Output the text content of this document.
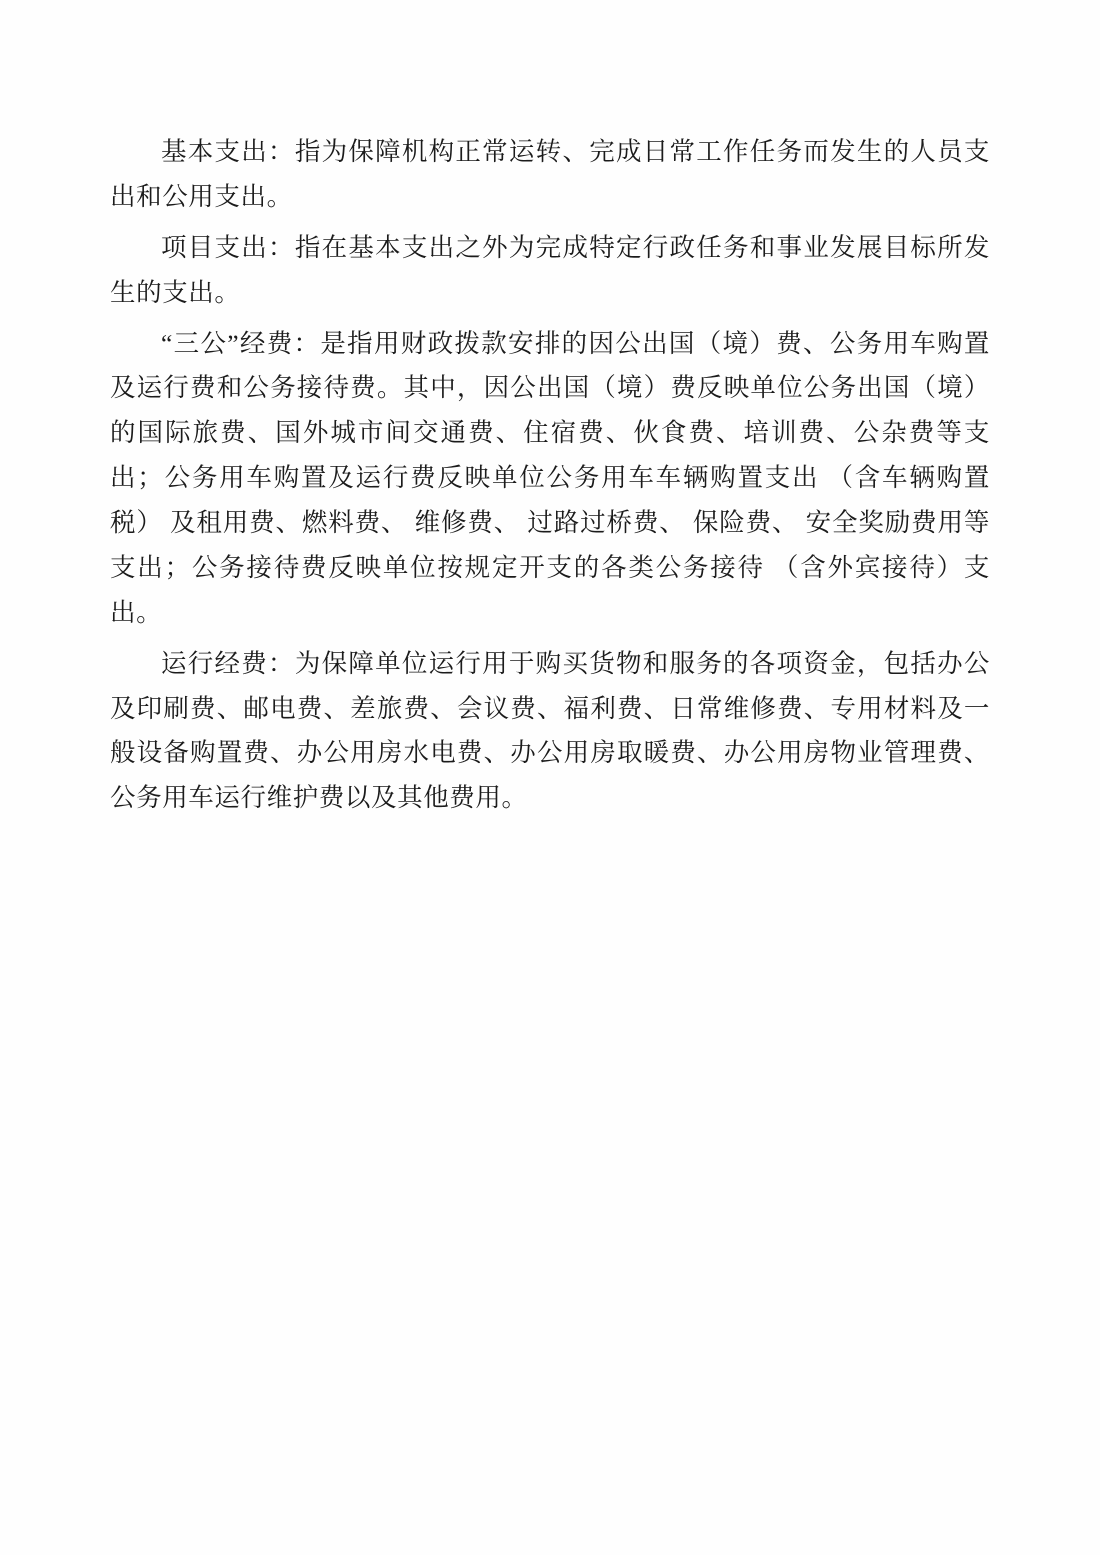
基本支出：指为保障机构正常运转、完成日常工作任务而发生的人员支出和公用支出。

项目支出：指在基本支出之外为完成特定行政任务和事业发展目标所发生的支出。

“三公”经费：是指用财政拨款安排的因公出国（境）费、公务用车购置及运行费和公务接待费。其中，因公出国（境）费反映单位公务出国（境）的国际旅费、国外城市间交通费、住宿费、伙食费、培训费、公杂费等支出；公务用车购置及运行费反映单位公务用车车辆购置支出 （含车辆购置税） 及租用费、燃料费、 维修费、 过路过桥费、 保险费、 安全奖励费用等支出；公务接待费反映单位按规定开支的各类公务接待 （含外宾接待）支出。

运行经费：为保障单位运行用于购买货物和服务的各项资金，包括办公及印刷费、邮电费、差旅费、会议费、福利费、日常维修费、专用材料及一般设备购置费、办公用房水电费、办公用房取暖费、办公用房物业管理费、公务用车运行维护费以及其他费用。
